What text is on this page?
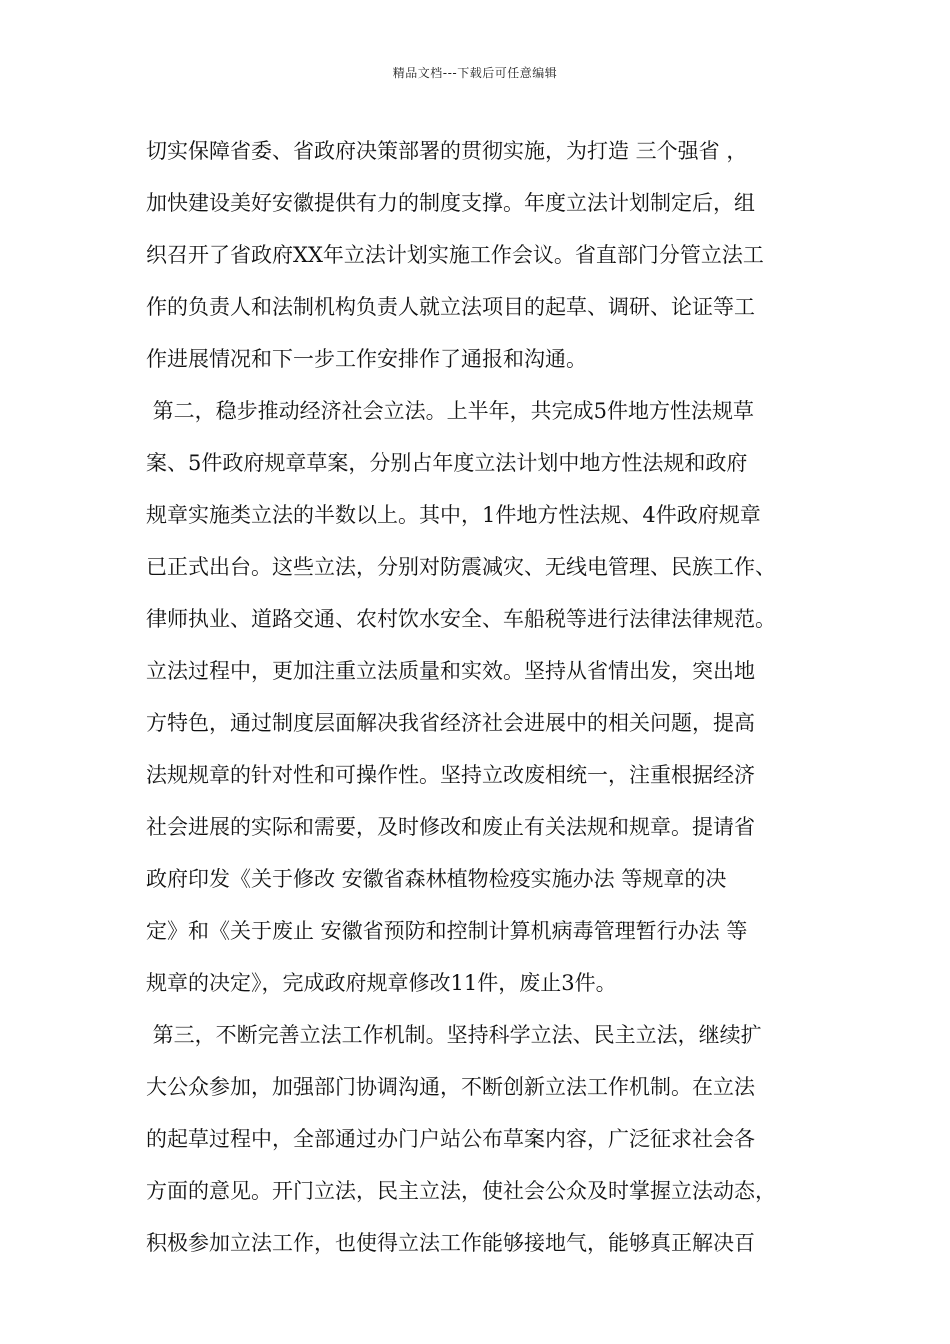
精品文档---下载后可任意编辑
切实保障省委、省政府决策部署的贯彻实施，为打造 三个强省 ，
加快建设美好安徽提供有力的制度支撑。年度立法计划制定后，组
织召开了省政府XX年立法计划实施工作会议。省直部门分管立法工
作的负责人和法制机构负责人就立法项目的起草、调研、论证等工
作进展情况和下一步工作安排作了通报和沟通。
第二，稳步推动经济社会立法。上半年，共完成5件地方性法规草
案、5件政府规章草案，分别占年度立法计划中地方性法规和政府
规章实施类立法的半数以上。其中，1件地方性法规、4件政府规章
已正式出台。这些立法，分别对防震减灾、无线电管理、民族工作、
律师执业、道路交通、农村饮水安全、车船税等进行法律法律规范。
立法过程中，更加注重立法质量和实效。坚持从省情出发，突出地
方特色，通过制度层面解决我省经济社会进展中的相关问题，提高
法规规章的针对性和可操作性。坚持立改废相统一，注重根据经济
社会进展的实际和需要，及时修改和废止有关法规和规章。提请省
政府印发《关于修改 安徽省森林植物检疫实施办法 等规章的决
定》和《关于废止 安徽省预防和控制计算机病毒管理暂行办法 等
规章的决定》，完成政府规章修改11件，废止3件。
第三，不断完善立法工作机制。坚持科学立法、民主立法，继续扩
大公众参加，加强部门协调沟通，不断创新立法工作机制。在立法
的起草过程中，全部通过办门户站公布草案内容，广泛征求社会各
方面的意见。开门立法，民主立法，使社会公众及时掌握立法动态，
积极参加立法工作，也使得立法工作能够接地气，能够真正解决百
